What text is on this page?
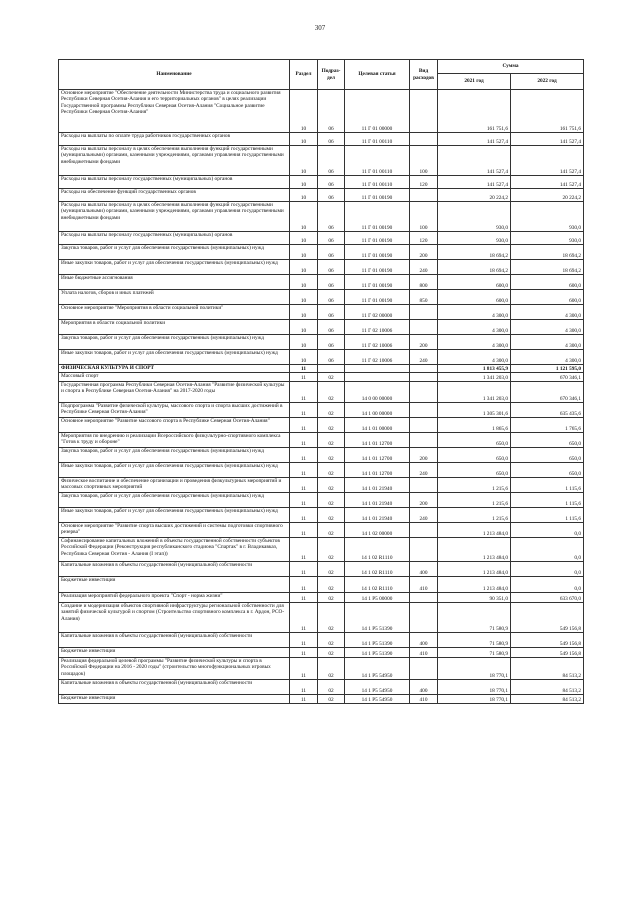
307
Наименование	Раздел	Подраз-дел	Целевая статья	Вид расходов	Сумма	
					2021 год	2022 год
Основное мероприятие "Обеспечение деятельности Министерства труда и социального развития Республики Северная Осетия-Алания и его территориальных органов" в целях реализации Государственной программы Республики Северная Осетия-Алания "Социальное развитие Республики Северная Осетия-Алания"	10	06	11 Г 01 00000		161 751,6	161 751,6
Расходы на выплаты по оплате труда работников государственных органов	10	06	11 Г 01 00110		141 527,4	141 527,4
Расходы на выплаты персоналу в целях обеспечения выполнения функций государственными (муниципальными) органами, казенными учреждениями, органами управления государственными внебюджетными фондами	10	06	11 Г 01 00110	100	141 527,4	141 527,4
Расходы на выплаты персоналу государственных (муниципальных) органов	10	06	11 Г 01 00110	120	141 527,4	141 527,4
Расходы на обеспечение функций государственных органов	10	06	11 Г 01 00190		20 224,2	20 224,2
Расходы на выплаты персоналу в целях обеспечения выполнения функций государственными (муниципальными) органами, казенными учреждениями, органами управления государственными внебюджетными фондами	10	06	11 Г 01 00190	100	930,0	930,0
Расходы на выплаты персоналу государственных (муниципальных) органов	10	06	11 Г 01 00190	120	930,0	930,0
Закупка товаров, работ и услуг для обеспечения государственных (муниципальных) нужд	10	06	11 Г 01 00190	200	18 694,2	18 694,2
Иные закупки товаров, работ и услуг для обеспечения государственных (муниципальных) нужд	10	06	11 Г 01 00190	240	18 694,2	18 694,2
Иные бюджетные ассигнования	10	06	11 Г 01 00190	800	600,0	600,0
Уплата налогов, сборов и иных платежей	10	06	11 Г 01 00190	850	600,0	600,0
Основное мероприятие "Мероприятия в области социальной политики"	10	06	11 Г 02 00000		4 300,0	4 300,0
Мероприятия в области социальной политики	10	06	11 Г 02 10006		4 300,0	4 300,0
Закупка товаров, работ и услуг для обеспечения государственных (муниципальных) нужд	10	06	11 Г 02 10006	200	4 300,0	4 300,0
Иные закупки товаров, работ и услуг для обеспечения государственных (муниципальных) нужд	10	06	11 Г 02 10006	240	4 300,0	4 300,0
ФИЗИЧЕСКАЯ КУЛЬТУРА И СПОРТ	11				1 813 455,9	1 121 595,0
Массовый спорт	11	02			1 341 203,0	670 346,1
Государственная программа Республики Северная Осетия-Алания "Развитие физической культуры и спорта в Республике Северная Осетия-Алания" на 2017-2020 годы	11	02	14 0 00 00000		1 341 203,0	670 346,1
Подпрограмма "Развитие физической культуры, массового спорта и спорта высших достижений в Республике Северная Осетия-Алания"	11	02	14 1 00 00000		1 305 301,6	635 435,6
Основное мероприятие "Развитие массового спорта в Республике Северная Осетия-Алания"	11	02	14 1 01 00000		1 865,6	1 765,6
Мероприятия по внедрению и реализации Всероссийского физкультурно-спортивного комплекса "Готов к труду и обороне"	11	02	14 1 01 12700		650,0	650,0
Закупка товаров, работ и услуг для обеспечения государственных (муниципальных) нужд	11	02	14 1 01 12700	200	650,0	650,0
Иные закупки товаров, работ и услуг для обеспечения государственных (муниципальных) нужд	11	02	14 1 01 12700	240	650,0	650,0
Физическое воспитание и обеспечение организации и проведения физкультурных мероприятий и массовых спортивных мероприятий	11	02	14 1 01 21940		1 215,6	1 115,6
Закупка товаров, работ и услуг для обеспечения государственных (муниципальных) нужд	11	02	14 1 01 21940	200	1 215,6	1 115,6
Иные закупки товаров, работ и услуг для обеспечения государственных (муниципальных) нужд	11	02	14 1 01 21940	240	1 215,6	1 115,6
Основное мероприятие "Развитие спорта высших достижений и системы подготовки спортивного резерва"	11	02	14 1 02 00000		1 213 484,0	0,0
Софинансирование капитальных вложений в объекты государственной собственности субъектов Российской Федерации (Реконструкция республиканского стадиона "Спартак" в г. Владикавказ, Республика Северная Осетия - Алания (I этап))	11	02	14 1 02 R1110		1 213 484,0	0,0
Капитальные вложения в объекты государственной (муниципальной) собственности	11	02	14 1 02 R1110	400	1 213 484,0	0,0
Бюджетные инвестиции	11	02	14 1 02 R1110	410	1 213 484,0	0,0
Реализация мероприятий федерального проекта "Спорт - норма жизни"	11	02	14 1 P5 00000		90 351,0	633 670,0
Создание и модернизация объектов спортивной инфраструктуры региональной собственности для занятий физической культурой и спортом (Строительство спортивного комплекса в г. Ардон, РСО-Алания)	11	02	14 1 P5 51390		71 580,9	549 156,8
Капитальные вложения в объекты государственной (муниципальной) собственности	11	02	14 1 P5 51390	400	71 580,9	549 156,8
Бюджетные инвестиции	11	02	14 1 P5 51390	410	71 580,9	549 156,8
Реализация федеральной целевой программы "Развитие физической культуры и спорта в Российской Федерации на 2016 - 2020 годы" (строительство многофункциональных игровых площадок)	11	02	14 1 P5 54950		18 770,1	84 513,2
Капитальные вложения в объекты государственной (муниципальной) собственности	11	02	14 1 P5 54950	400	18 770,1	84 513,2
Бюджетные инвестиции	11	02	14 1 P5 54950	410	18 770,1	84 513,2
